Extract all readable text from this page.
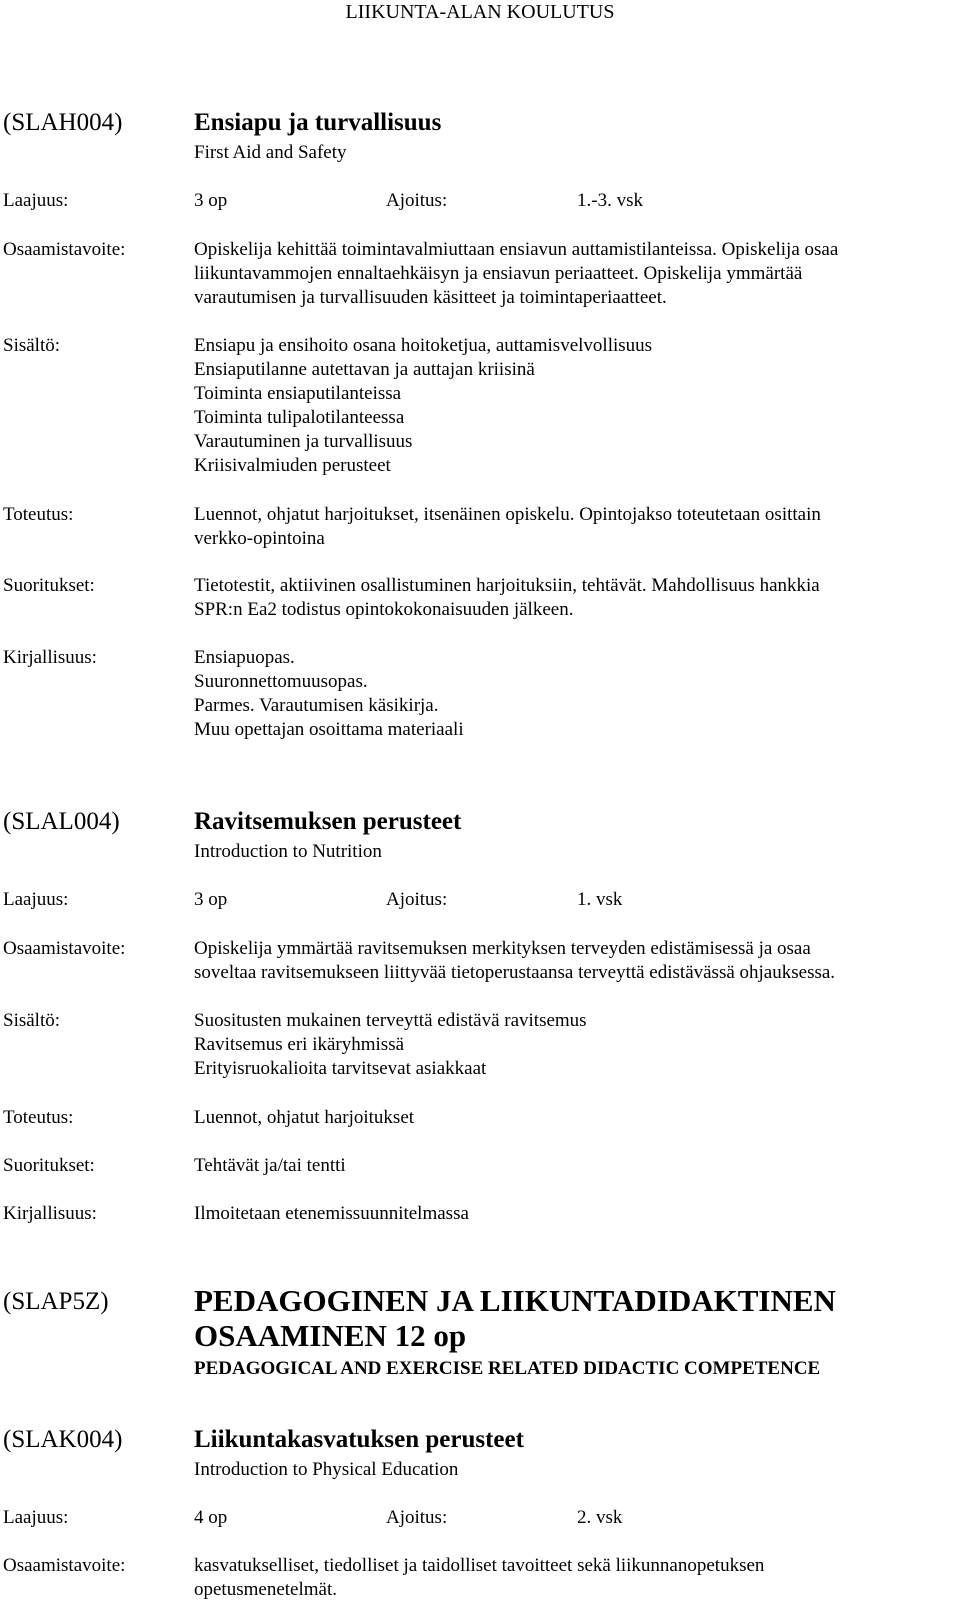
LIIKUNTA-ALAN KOULUTUS
(SLAH004)	Ensiapu ja turvallisuus
First Aid and Safety
Laajuus:	3 op	Ajoitus:	1.-3. vsk
Osaamistavoite:	Opiskelija kehittää toimintavalmiuttaan ensiavun auttamistilanteissa. Opiskelija osaa
liikuntavammojen ennaltaehkäisyn ja ensiavun periaatteet. Opiskelija ymmärtää
varautumisen ja turvallisuuden käsitteet ja toimintaperiaatteet.
Sisältö:	Ensiapu ja ensihoito osana hoitoketjua, auttamisvelvollisuus
Ensiaputilanne autettavan ja auttajan kriisinä
Toiminta ensiaputilanteissa
Toiminta tulipalotilanteessa
Varautuminen ja turvallisuus
Kriisivalmiuden perusteet
Toteutus:	Luennot, ohjatut harjoitukset, itsenäinen opiskelu. Opintojakso toteutetaan osittain
verkko-opintoina
Suoritukset:	Tietotestit, aktiivinen osallistuminen harjoituksiin, tehtävät. Mahdollisuus hankkia
SPR:n Ea2 todistus opintokokonaisuuden jälkeen.
Kirjallisuus:	Ensiapuopas.
Suuronnettomuusopas.
Parmes. Varautumisen käsikirja.
Muu opettajan osoittama materiaali
(SLAL004)	Ravitsemuksen perusteet
Introduction to Nutrition
Laajuus:	3 op	Ajoitus:	1. vsk
Osaamistavoite:	Opiskelija ymmärtää ravitsemuksen merkityksen terveyden edistämisessä ja osaa
soveltaa ravitsemukseen liittyvää tietoperustaansa terveyttä edistävässä ohjauksessa.
Sisältö:	Suositusten mukainen terveyttä edistävä ravitsemus
Ravitsemus eri ikäryhmissä
Erityisruokalioita tarvitsevat asiakkaat
Toteutus:	Luennot, ohjatut harjoitukset
Suoritukset:	Tehtävät ja/tai tentti
Kirjallisuus:	Ilmoitetaan etenemissuunnitelmassa
(SLAP5Z)	PEDAGOGINEN JA LIIKUNTADIDAKTINEN
OSAAMINEN 12 op
PEDAGOGICAL AND EXERCISE RELATED DIDACTIC COMPETENCE
(SLAK004)	Liikuntakasvatuksen perusteet
Introduction to Physical Education
Laajuus:	4 op	Ajoitus:	2. vsk
Osaamistavoite:	kasvatukselliset, tiedolliset ja taidolliset tavoitteet sekä liikunnanopetuksen
opetusmenetelmät.
